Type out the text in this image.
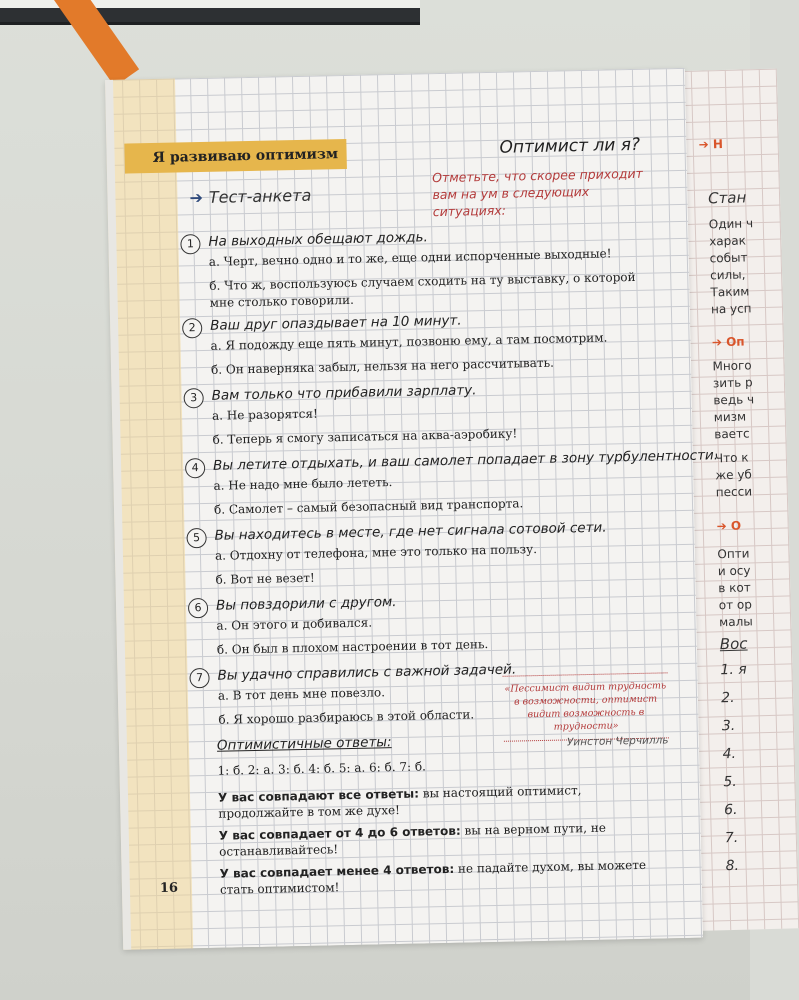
➔ Н
Стан
Один ч
харак
событ
силы,
Таким
на усп
➔ Оп
Много
зить р
ведь ч
мизм
ваетс
Что к
же уб
песси
➔ О
Опти
и осу
в кот
от ор
малы
Вос
1. я
2.
3.
4.
5.
6.
7.
8.
Я развиваю оптимизм	Оптимист ли я?
➔ Тест-анкета
Отметьте, что скорее приходит вам на ум в следующих ситуациях:
1	На выходных обещают дождь.
а. Черт, вечно одно и то же, еще одни испорченные выходные!
б. Что ж, воспользуюсь случаем сходить на ту выставку, о которой мне столько говорили.
2	Ваш друг опаздывает на 10 минут.
а. Я подожду еще пять минут, позвоню ему, а там посмотрим.
б. Он наверняка забыл, нельзя на него рассчитывать.
3	Вам только что прибавили зарплату.
а. Не разорятся!
б. Теперь я смогу записаться на аква-аэробику!
4	Вы летите отдыхать, и ваш самолет попадает в зону турбулентности.
а. Не надо мне было лететь.
б. Самолет – самый безопасный вид транспорта.
5	Вы находитесь в месте, где нет сигнала сотовой сети.
а. Отдохну от телефона, мне это только на пользу.
б. Вот не везет!
6	Вы повздорили с другом.
а. Он этого и добивался.
б. Он был в плохом настроении в тот день.
7	Вы удачно справились с важной задачей.
а. В тот день мне повезло.
б. Я хорошо разбираюсь в этой области.
«Пессимист видит трудность в возможности, оптимист видит возможность в трудности»
Уинстон Черчилль
Оптимистичные ответы:
1: б. 2: а. 3: б. 4: б. 5: а. 6: б. 7: б.
У вас совпадают все ответы: вы настоящий оптимист, продолжайте в том же духе!
У вас совпадает от 4 до 6 ответов: вы на верном пути, не останавливайтесь!
У вас совпадает менее 4 ответов: не падайте духом, вы можете стать оптимистом!
16
